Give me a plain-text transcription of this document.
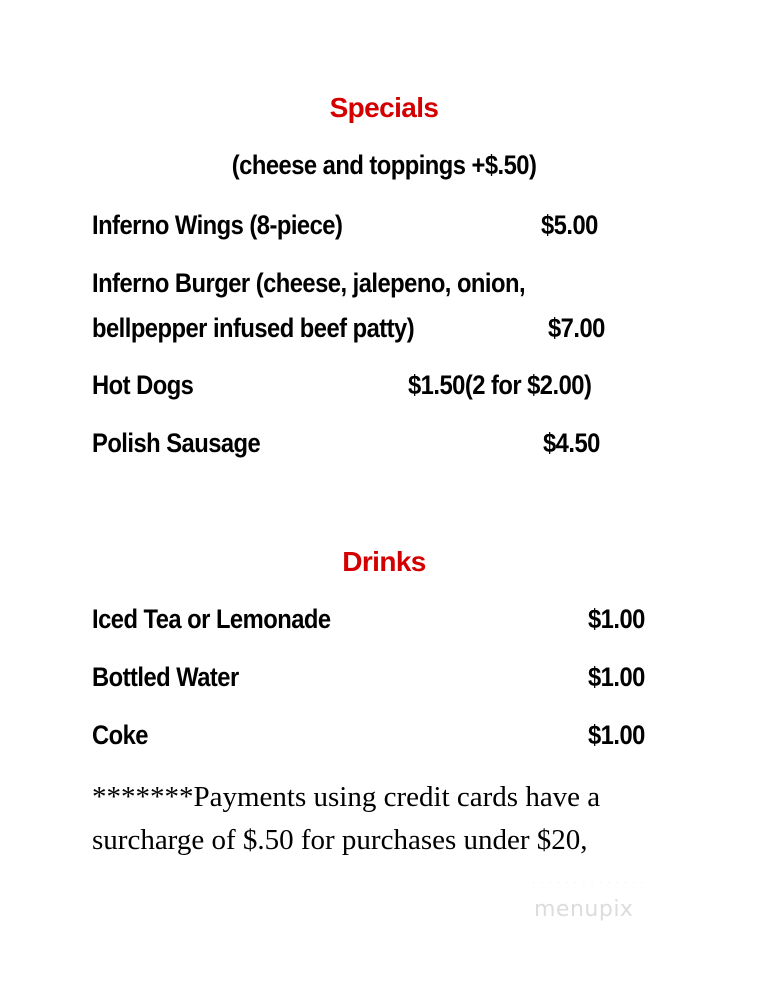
Specials
(cheese and toppings +$.50)
Inferno Wings (8-piece)	$5.00
Inferno Burger (cheese, jalepeno, onion,
bellpepper infused beef patty)	$7.00
Hot Dogs	$1.50(2 for $2.00)
Polish Sausage	$4.50
Drinks
Iced Tea or Lemonade	$1.00
Bottled Water	$1.00
Coke	$1.00
*******Payments using credit cards have a
surcharge of $.50 for purchases under $20,
· · · · · · · · · · · · · ·
menupix
